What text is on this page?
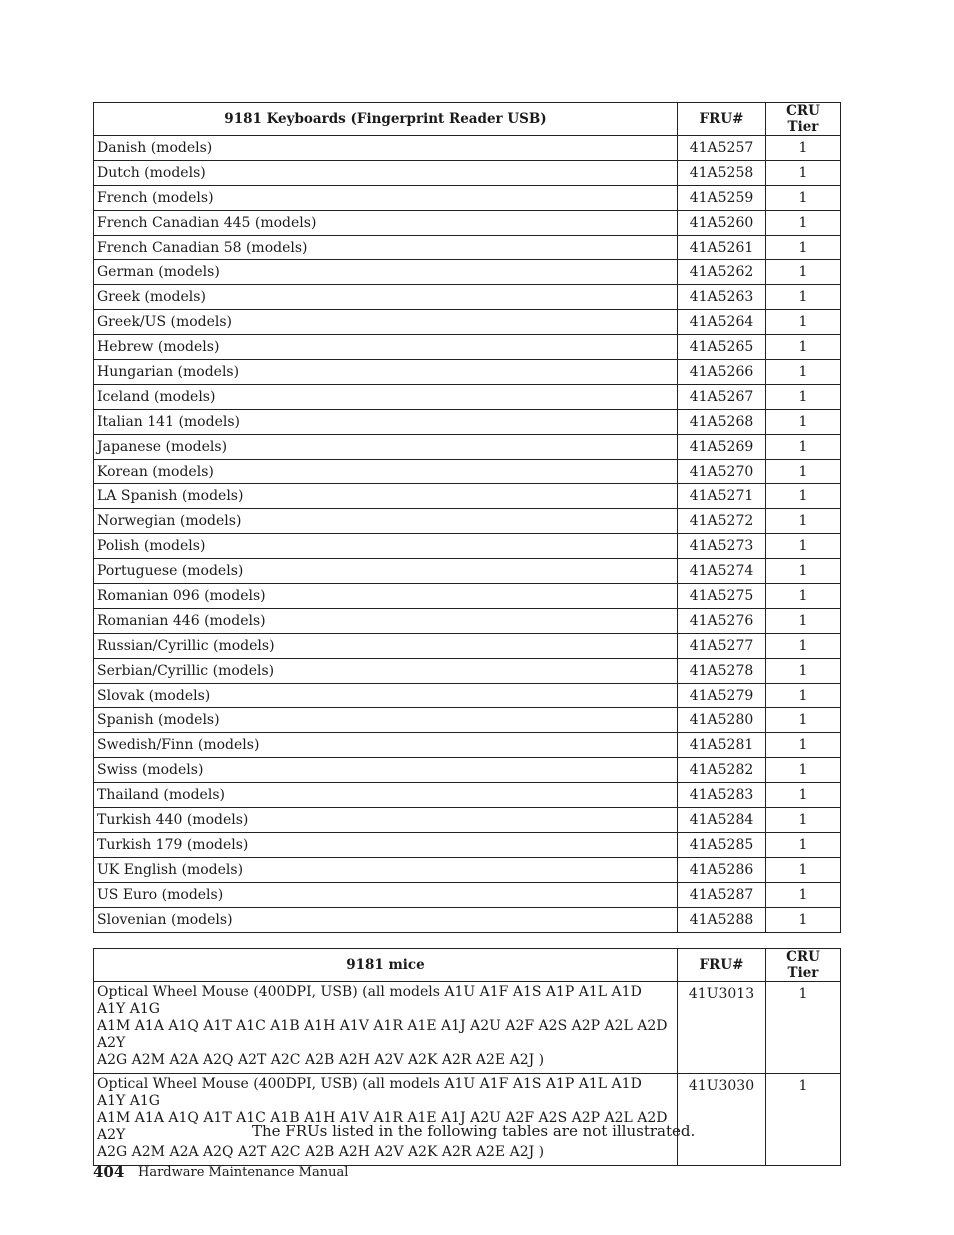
9181 Keyboards (Fingerprint Reader USB)	FRU#	CRU Tier
Danish (models)	41A5257	1
Dutch (models)	41A5258	1
French (models)	41A5259	1
French Canadian 445 (models)	41A5260	1
French Canadian 58 (models)	41A5261	1
German (models)	41A5262	1
Greek (models)	41A5263	1
Greek/US (models)	41A5264	1
Hebrew (models)	41A5265	1
Hungarian (models)	41A5266	1
Iceland (models)	41A5267	1
Italian 141 (models)	41A5268	1
Japanese (models)	41A5269	1
Korean (models)	41A5270	1
LA Spanish (models)	41A5271	1
Norwegian (models)	41A5272	1
Polish (models)	41A5273	1
Portuguese (models)	41A5274	1
Romanian 096 (models)	41A5275	1
Romanian 446 (models)	41A5276	1
Russian/Cyrillic (models)	41A5277	1
Serbian/Cyrillic (models)	41A5278	1
Slovak (models)	41A5279	1
Spanish (models)	41A5280	1
Swedish/Finn (models)	41A5281	1
Swiss (models)	41A5282	1
Thailand (models)	41A5283	1
Turkish 440 (models)	41A5284	1
Turkish 179 (models)	41A5285	1
UK English (models)	41A5286	1
US Euro (models)	41A5287	1
Slovenian (models)	41A5288	1
9181 mice	FRU#	CRU Tier

Optical Wheel Mouse (400DPI, USB) (all models A1U A1F A1S A1P A1L A1D A1Y A1G
A1M A1A A1Q A1T A1C A1B A1H A1V A1R A1E A1J A2U A2F A2S A2P A2L A2D A2Y
A2G A2M A2A A2Q A2T A2C A2B A2H A2V A2K A2R A2E A2J )	41U3013	1

Optical Wheel Mouse (400DPI, USB) (all models A1U A1F A1S A1P A1L A1D A1Y A1G
A1M A1A A1Q A1T A1C A1B A1H A1V A1R A1E A1J A2U A2F A2S A2P A2L A2D A2Y
A2G A2M A2A A2Q A2T A2C A2B A2H A2V A2K A2R A2E A2J )	41U3030	1
The FRUs listed in the following tables are not illustrated.
404 Hardware Maintenance Manual
